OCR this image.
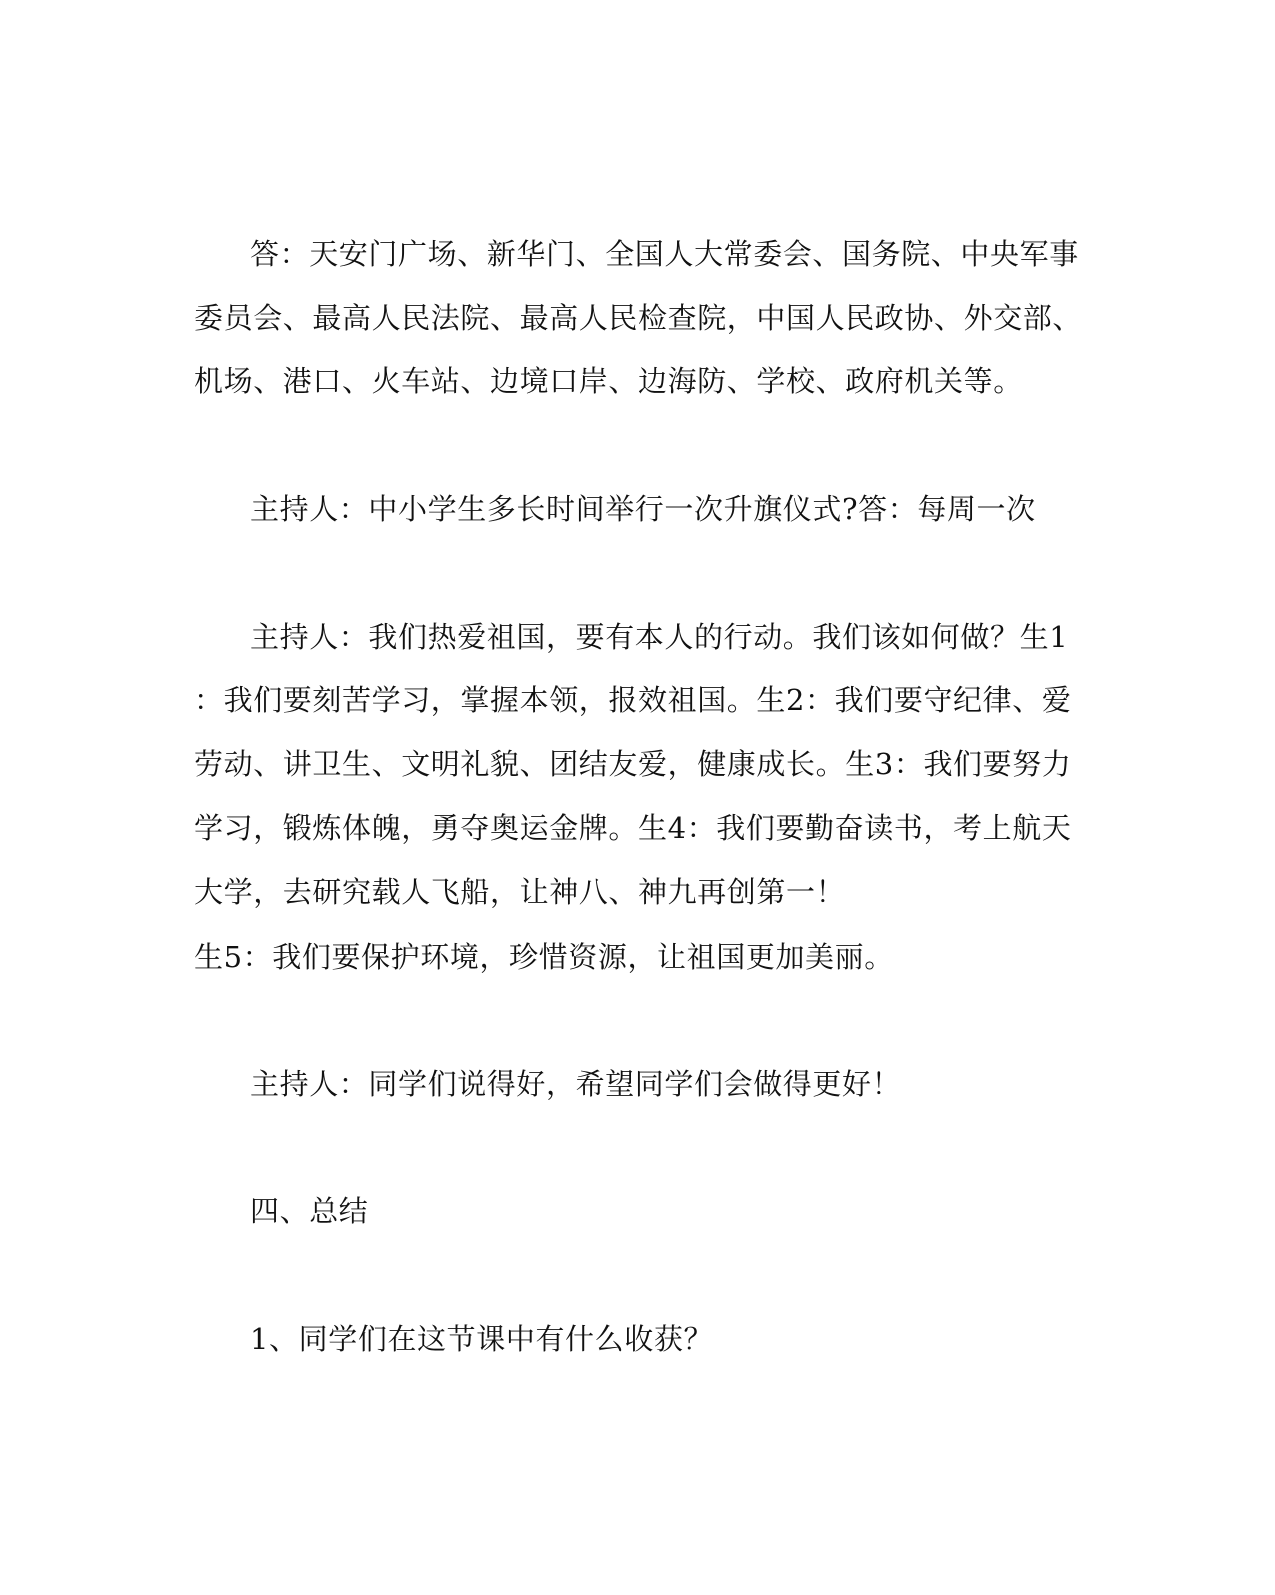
答：天安门广场、新华门、全国人大常委会、国务院、中央军事
委员会、最高人民法院、最高人民检查院，中国人民政协、外交部、
机场、港口、火车站、边境口岸、边海防、学校、政府机关等。
主持人：中小学生多长时间举行一次升旗仪式?答：每周一次
主持人：我们热爱祖国，要有本人的行动。我们该如何做？生1
：我们要刻苦学习，掌握本领，报效祖国。生2：我们要守纪律、爱
劳动、讲卫生、文明礼貌、团结友爱，健康成长。生3：我们要努力
学习，锻炼体魄，勇夺奥运金牌。生4：我们要勤奋读书，考上航天
大学，去研究载人飞船，让神八、神九再创第一！
生5：我们要保护环境，珍惜资源，让祖国更加美丽。
主持人：同学们说得好，希望同学们会做得更好！
四、总结
1、同学们在这节课中有什么收获？
